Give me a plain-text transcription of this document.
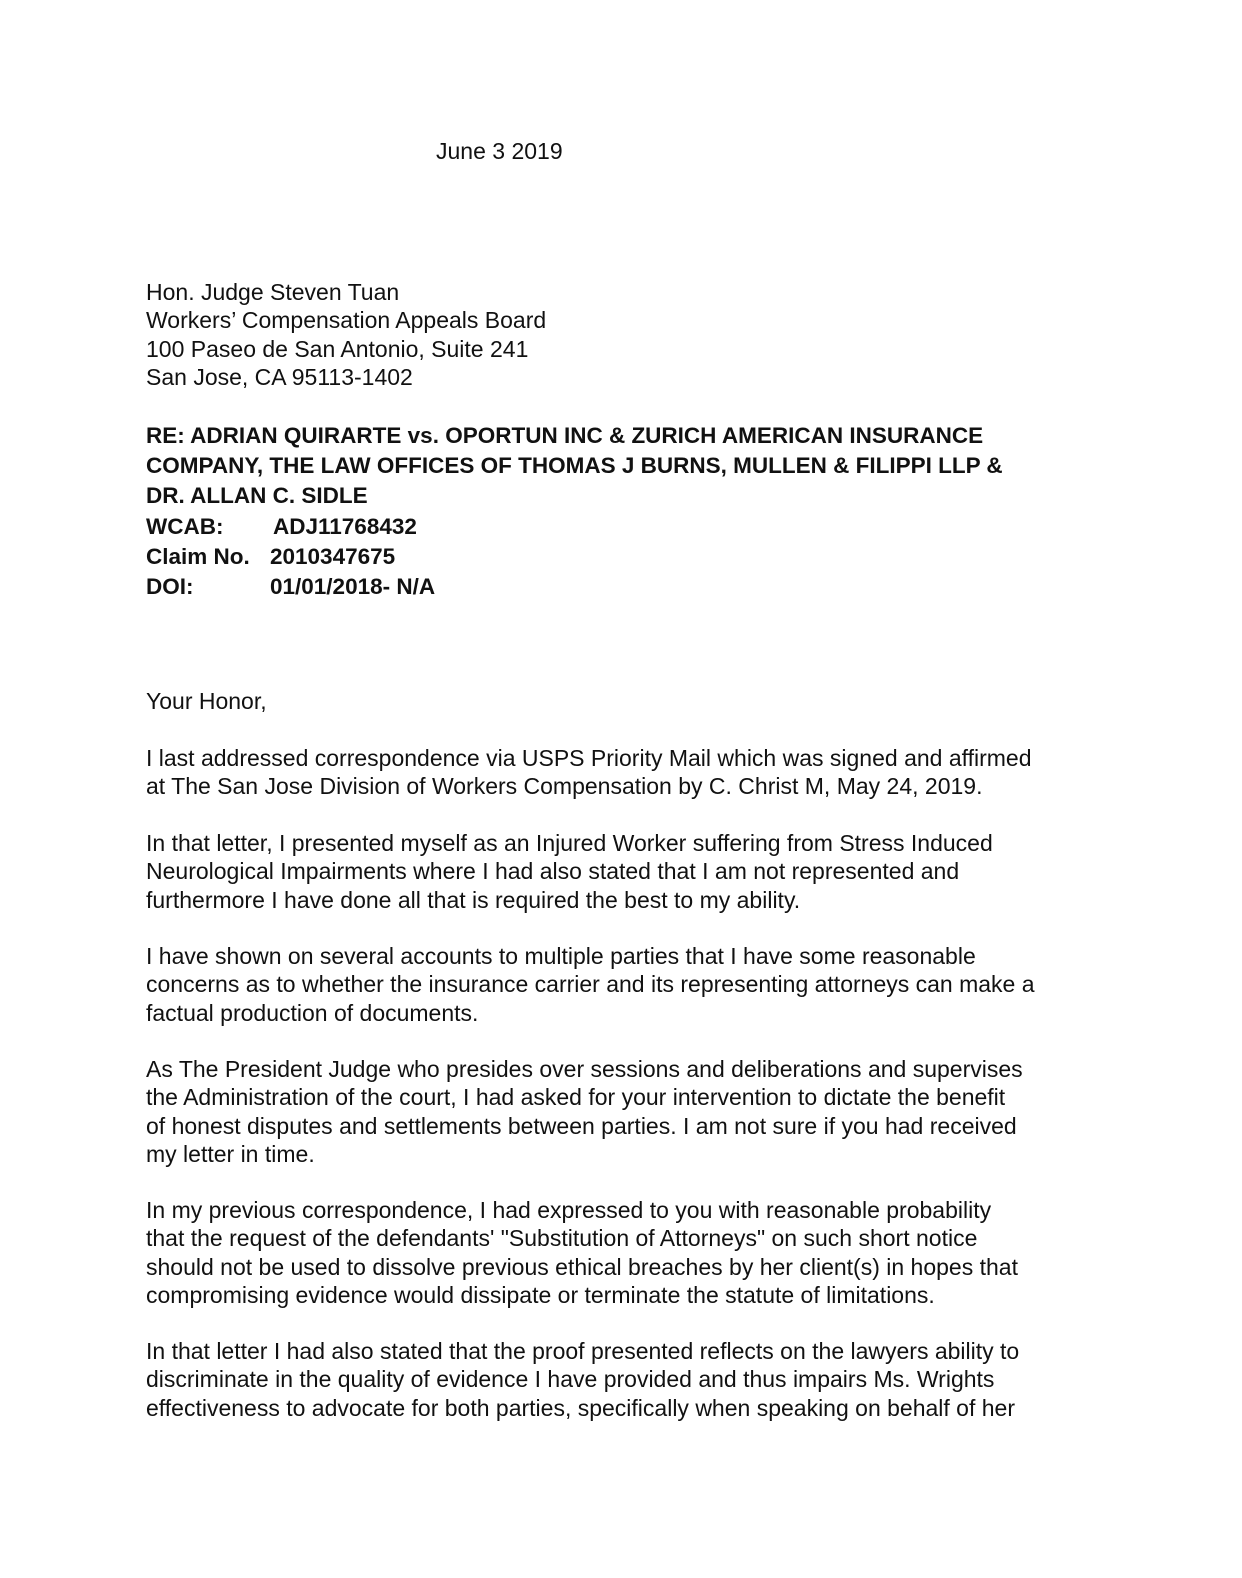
June 3 2019
Hon. Judge Steven Tuan
Workers’ Compensation Appeals Board
100 Paseo de San Antonio, Suite 241
San Jose, CA 95113-1402
RE: ADRIAN QUIRARTE vs. OPORTUN INC & ZURICH AMERICAN INSURANCE
COMPANY, THE LAW OFFICES OF THOMAS J BURNS, MULLEN & FILIPPI LLP &
DR. ALLAN C. SIDLE
WCAB:	ADJ11768432
Claim No. 2010347675
DOI:	01/01/2018- N/A
Your Honor,
I last addressed correspondence via USPS Priority Mail which was signed and affirmed
at The San Jose Division of Workers Compensation by C. Christ M, May 24, 2019.
In that letter, I presented myself as an Injured Worker suffering from Stress Induced
Neurological Impairments where I had also stated that I am not represented and
furthermore I have done all that is required the best to my ability.
I have shown on several accounts to multiple parties that I have some reasonable
concerns as to whether the insurance carrier and its representing attorneys can make a
factual production of documents.
As The President Judge who presides over sessions and deliberations and supervises
the Administration of the court, I had asked for your intervention to dictate the benefit
of honest disputes and settlements between parties. I am not sure if you had received
my letter in time.
In my previous correspondence, I had expressed to you with reasonable probability
that the request of the defendants' "Substitution of Attorneys" on such short notice
should not be used to dissolve previous ethical breaches by her client(s) in hopes that
compromising evidence would dissipate or terminate the statute of limitations.
In that letter I had also stated that the proof presented reflects on the lawyers ability to
discriminate in the quality of evidence I have provided and thus impairs Ms. Wrights
effectiveness to advocate for both parties, specifically when speaking on behalf of her
